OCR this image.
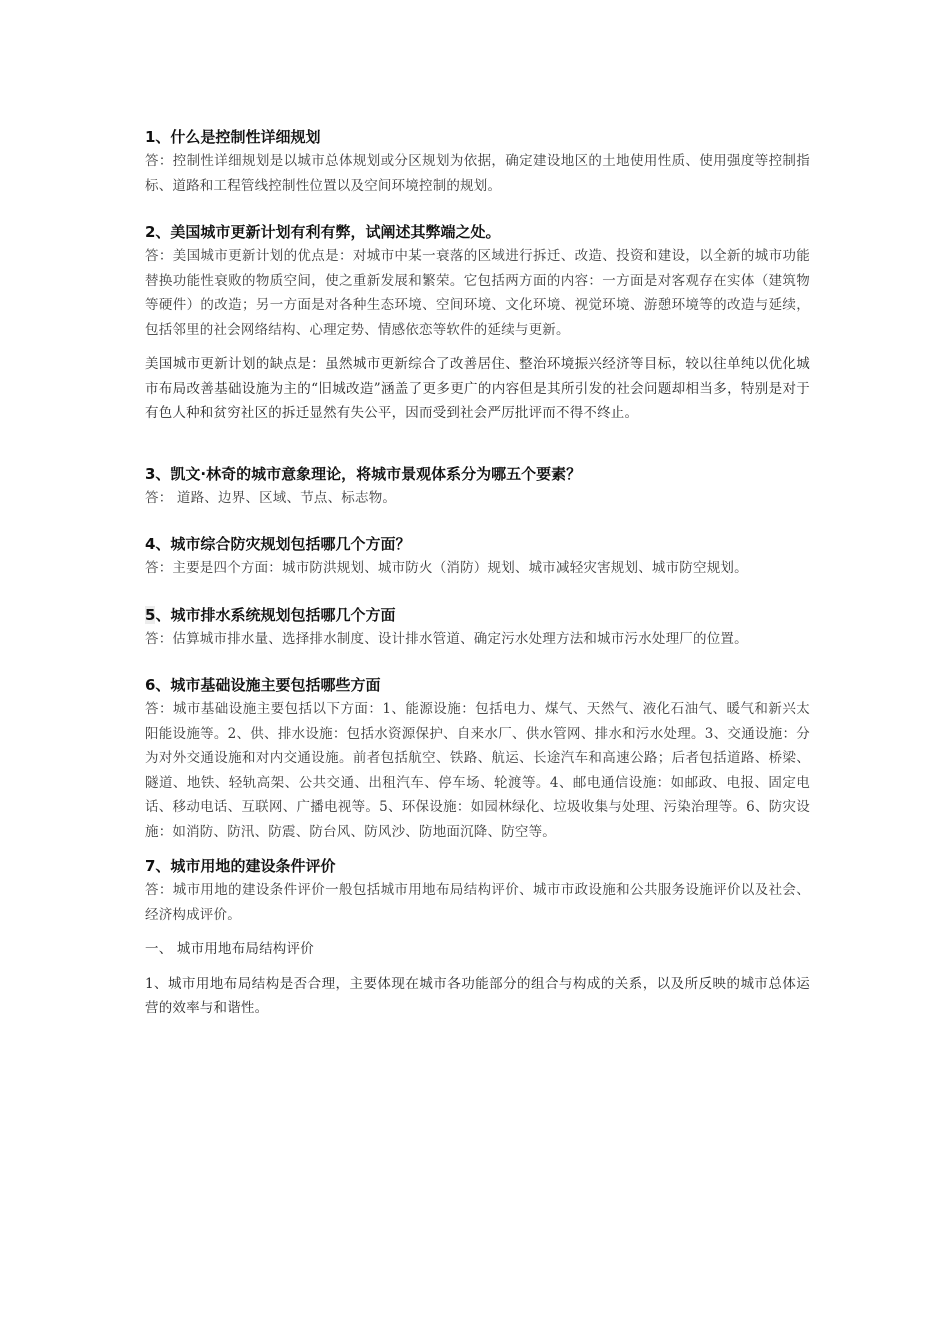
1、什么是控制性详细规划

答：控制性详细规划是以城市总体规划或分区规划为依据，确定建设地区的土地使用性质、使用强度等控制指标、道路和工程管线控制性位置以及空间环境控制的规划。

2、美国城市更新计划有利有弊，试阐述其弊端之处。

答：美国城市更新计划的优点是：对城市中某一衰落的区域进行拆迁、改造、投资和建设，以全新的城市功能替换功能性衰败的物质空间，使之重新发展和繁荣。它包括两方面的内容：一方面是对客观存在实体（建筑物等硬件）的改造；另一方面是对各种生态环境、空间环境、文化环境、视觉环境、游憩环境等的改造与延续，包括邻里的社会网络结构、心理定势、情感依恋等软件的延续与更新。

美国城市更新计划的缺点是：虽然城市更新综合了改善居住、整治环境振兴经济等目标，较以往单纯以优化城市布局改善基础设施为主的“旧城改造”涵盖了更多更广的内容但是其所引发的社会问题却相当多，特别是对于有色人种和贫穷社区的拆迁显然有失公平，因而受到社会严厉批评而不得不终止。

3、凯文·林奇的城市意象理论，将城市景观体系分为哪五个要素？

答： 道路、边界、区域、节点、标志物。

4、城市综合防灾规划包括哪几个方面？

答：主要是四个方面：城市防洪规划、城市防火（消防）规划、城市减轻灾害规划、城市防空规划。

5、城市排水系统规划包括哪几个方面

答：估算城市排水量、选择排水制度、设计排水管道、确定污水处理方法和城市污水处理厂的位置。

6、城市基础设施主要包括哪些方面

答：城市基础设施主要包括以下方面：1、能源设施：包括电力、煤气、天然气、液化石油气、暖气和新兴太阳能设施等。2、供、排水设施：包括水资源保护、自来水厂、供水管网、排水和污水处理。3、交通设施：分为对外交通设施和对内交通设施。前者包括航空、铁路、航运、长途汽车和高速公路；后者包括道路、桥梁、隧道、地铁、轻轨高架、公共交通、出租汽车、停车场、轮渡等。4、邮电通信设施：如邮政、电报、固定电话、移动电话、互联网、广播电视等。5、环保设施：如园林绿化、垃圾收集与处理、污染治理等。6、防灾设施：如消防、防汛、防震、防台风、防风沙、防地面沉降、防空等。

7、城市用地的建设条件评价

答：城市用地的建设条件评价一般包括城市用地布局结构评价、城市市政设施和公共服务设施评价以及社会、经济构成评价。

一、 城市用地布局结构评价

1、城市用地布局结构是否合理，主要体现在城市各功能部分的组合与构成的关系，以及所反映的城市总体运营的效率与和谐性。
